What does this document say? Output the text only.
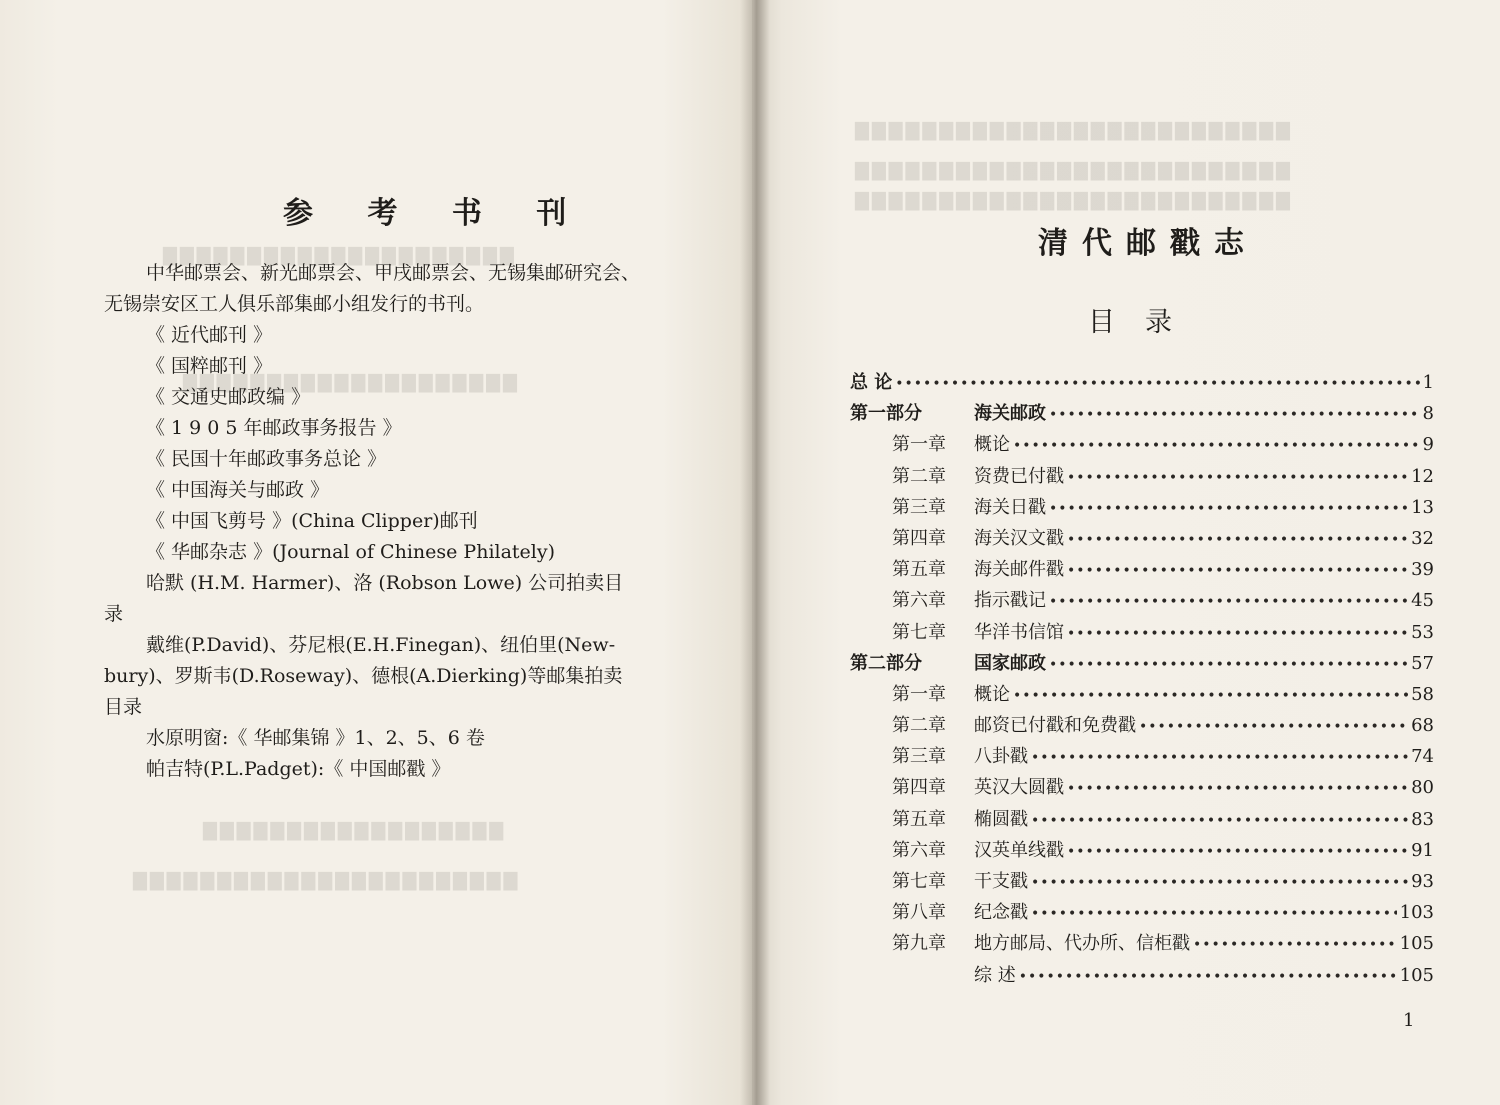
▇▇▇▇▇▇▇▇▇▇▇▇▇▇▇▇▇▇▇▇▇
▇▇▇▇▇▇▇▇▇▇▇▇▇▇▇▇▇▇▇▇
▇▇▇▇▇▇▇▇▇▇▇▇▇▇▇▇▇▇
▇▇▇▇▇▇▇▇▇▇▇▇▇▇▇▇▇▇▇▇▇▇▇
参 考 书 刊
中华邮票会、新光邮票会、甲戌邮票会、无锡集邮研究会、
无锡崇安区工人俱乐部集邮小组发行的书刊。
《 近代邮刊 》
《 国粹邮刊 》
《 交通史邮政编 》
《 1 9 0 5 年邮政事务报告 》
《 民国十年邮政事务总论 》
《 中国海关与邮政 》
《 中国飞剪号 》(China Clipper)邮刊
《 华邮杂志 》(Journal of Chinese Philately)
哈默 (H.M. Harmer)、洛 (Robson Lowe) 公司拍卖目
录
戴维(P.David)、芬尼根(E.H.Finegan)、纽伯里(New-
bury)、罗斯韦(D.Roseway)、德根(A.Dierking)等邮集拍卖
目录
水原明窗:《 华邮集锦 》1、2、5、6 卷
帕吉特(P.L.Padget):《 中国邮戳 》
▇▇▇▇▇▇▇▇▇▇▇▇▇▇▇▇▇▇▇▇▇▇▇▇▇▇
▇▇▇▇▇▇▇▇▇▇▇▇▇▇▇▇▇▇▇▇▇▇▇▇▇▇
▇▇▇▇▇▇▇▇▇▇▇▇▇▇▇▇▇▇▇▇▇▇▇▇▇▇
清代邮戳志
目录
总 论 •••••	1
第一部分	海关邮政 •••••	8
第一章	概论 •••••	9
第二章	资费已付戳 •••••	12
第三章	海关日戳 •••••	13
第四章	海关汉文戳 •••••	32
第五章	海关邮件戳 •••••	39
第六章	指示戳记 •••••	45
第七章	华洋书信馆 •••••	53
第二部分	国家邮政 •••••	57
第一章	概论 •••••	58
第二章	邮资已付戳和免费戳 •••••	68
第三章	八卦戳 •••••	74
第四章	英汉大圆戳 •••••	80
第五章	椭圆戳 •••••	83
第六章	汉英单线戳 •••••	91
第七章	干支戳 •••••	93
第八章	纪念戳 •••••	103
第九章	地方邮局、代办所、信柜戳 •••••	105
综 述 •••••	105
1
